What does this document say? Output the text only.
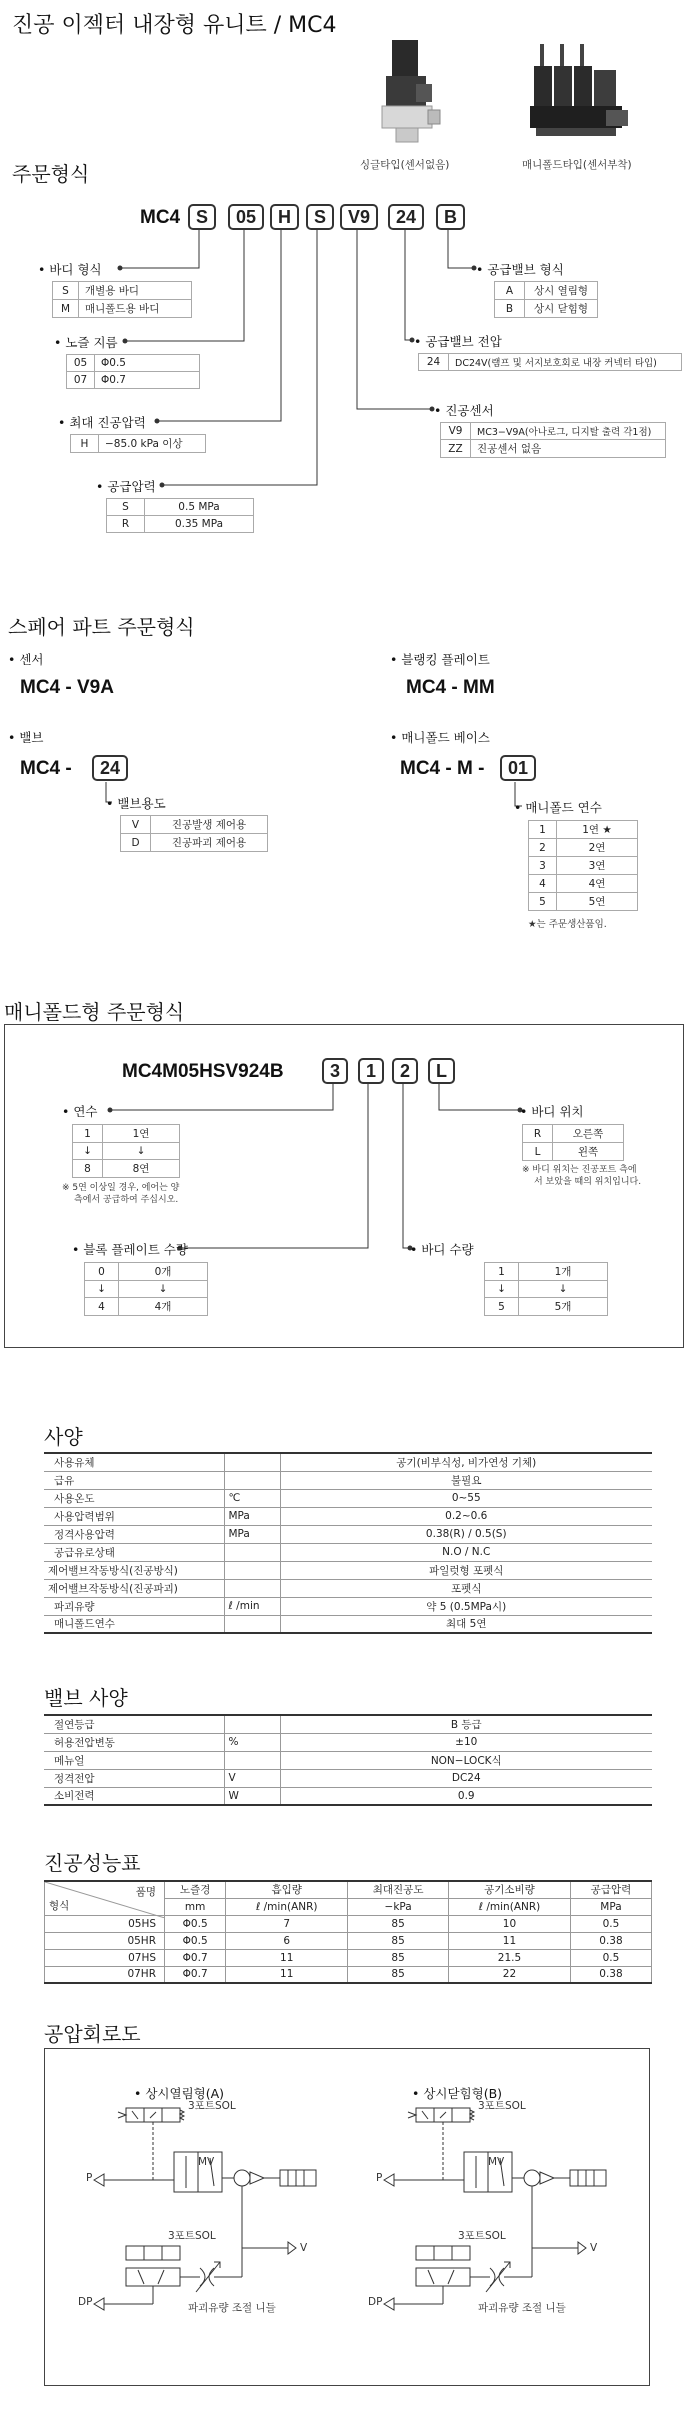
진공 이젝터 내장형 유니트 / MC4
싱글타입(센서없음)	매니폴드타입(센서부착)
주문형식
MC4 S	05	H	S	V9	24	B
• 바디 형식
S	개별용 바디
M	매니폴드용 바디
• 노즐 지름
05	Φ0.5
07	Φ0.7
• 최대 진공압력
H	−85.0 kPa 이상
• 공급압력
S	0.5 MPa
R	0.35 MPa
• 공급밸브 형식
A	상시 열림형
B	상시 닫힘형
• 공급밸브 전압
24	DC24V(램프 및 서지보호회로 내장 커넥터 타입)
• 진공센서
V9	MC3−V9A(아나로그, 디지탈 출력 각1점)
ZZ	진공센서 없음
스페어 파트 주문형식
• 센서
MC4 - V9A
• 블랭킹 플레이트
MC4 - MM
• 밸브
MC4 -	24
• 매니폴드 베이스
MC4 - M -	01
• 밸브용도
V	진공발생 제어용
D	진공파괴 제어용
• 매니폴드 연수
1	1연 ★
2	2연
3	3연
4	4연
5	5연
★는 주문생산품임.
매니폴드형 주문형식
MC4M05HSV924B	3	1	2	L
• 연수
1	1연
↓	↓
8	8연
※ 5연 이상일 경우, 에어는 양
측에서 공급하여 주십시오.
• 바디 위치
R	오른쪽
L	왼쪽
※ 바디 위치는 진공포트 측에
서 보았을 때의 위치입니다.
• 블록 플레이트 수량
0	0개
↓	↓
4	4개
• 바디 수량
1	1개
↓	↓
5	5개
사양
사용유체		공기(비부식성, 비가연성 기체)
급유		불필요
사용온도	℃	0~55
사용압력범위	MPa	0.2~0.6
정격사용압력	MPa	0.38(R) / 0.5(S)
공급유로상태		N.O / N.C
제어밸브작동방식(진공방식)		파일럿형 포펫식
제어밸브작동방식(진공파괴)		포펫식
파괴유량	ℓ /min	약 5 (0.5MPa시)
매니폴드연수		최대 5연
밸브 사양
절연등급		B 등급
허용전압변동	%	±10
메뉴얼		NON−LOCK식
정격전압	V	DC24
소비전력	W	0.9
진공성능표
품명
형식	노즐경	흡입량	최대진공도	공기소비량	공급압력
	mm	ℓ /min(ANR)	−kPa	ℓ /min(ANR)	MPa
05HS	Φ0.5	7	85	10	0.5
05HR	Φ0.5	6	85	11	0.38
07HS	Φ0.7	11	85	21.5	0.5
07HR	Φ0.7	11	85	22	0.38
공압회로도
• 상시열림형(A)	• 상시닫힘형(B)
3포트SOL
MV
P
3포트SOL
V
DP	파괴유량 조절 니들
3포트SOL
MV
P
3포트SOL
V
DP	파괴유량 조절 니들
